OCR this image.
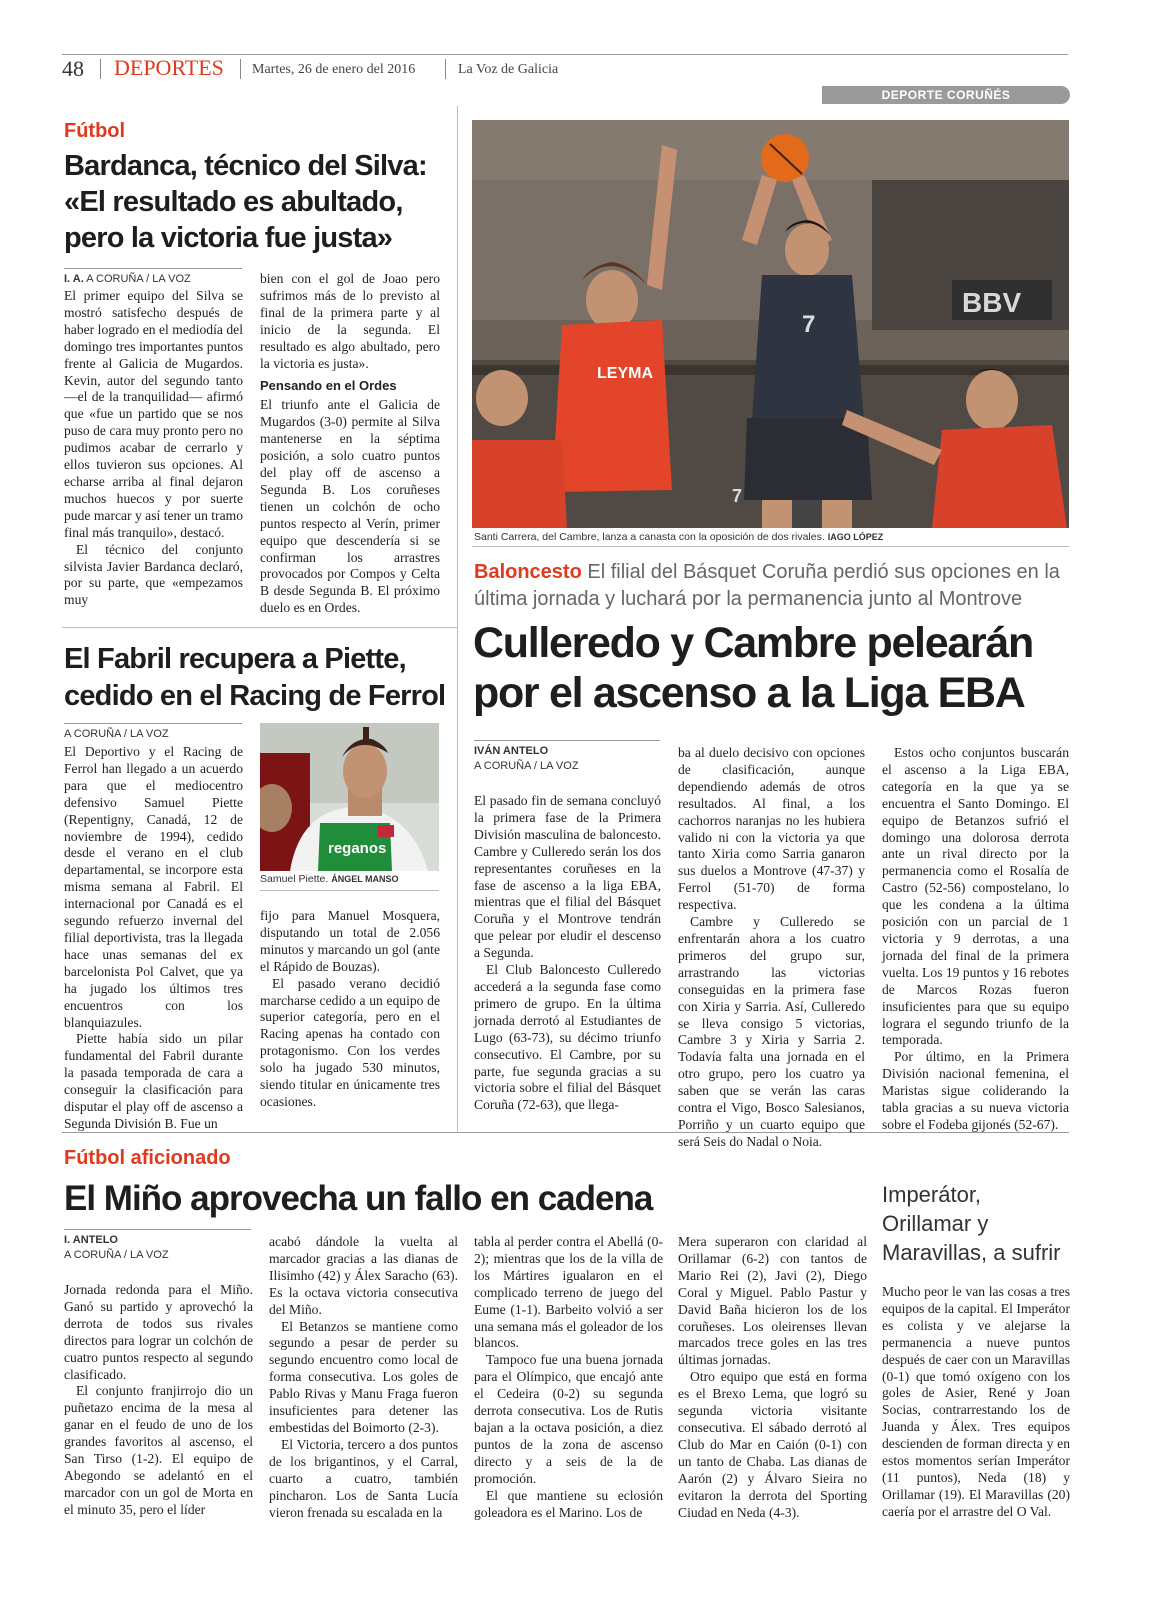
48 DEPORTES Martes, 26 de enero del 2016	La Voz de Galicia
DEPORTE CORUÑÉS
Fútbol
Bardanca, técnico del Silva:
«El resultado es abultado,
pero la victoria fue justa»
I. A. A CORUÑA / LA VOZ

El primer equipo del Silva se mostró satisfecho después de haber logrado en el mediodía del domingo tres importantes puntos frente al Galicia de Mugardos. Kevin, autor del segundo tanto —el de la tranquilidad— afirmó que «fue un partido que se nos puso de cara muy pronto pero no pudimos acabar de cerrarlo y ellos tuvieron sus opciones. Al echarse arriba al final dejaron muchos huecos y por suerte pude marcar y así tener un tramo final más tranquilo», destacó.

El técnico del conjunto silvista Javier Bardanca declaró, por su parte, que «empezamos muy

bien con el gol de Joao pero sufrimos más de lo previsto al final de la primera parte y al inicio de la segunda. El resultado es algo abultado, pero la victoria es justa».

Pensando en el Ordes

El triunfo ante el Galicia de Mugardos (3-0) permite al Silva mantenerse en la séptima posición, a solo cuatro puntos del play off de ascenso a Segunda B. Los coruñeses tienen un colchón de ocho puntos respecto al Verín, primer equipo que descendería si se confirman los arrastres provocados por Compos y Celta B desde Segunda B. El próximo duelo es en Ordes.

El Fabril recupera a Piette,
cedido en el Racing de Ferrol
A CORUÑA / LA VOZ

El Deportivo y el Racing de Ferrol han llegado a un acuerdo para que el mediocentro defensivo Samuel Piette (Repentigny, Canadá, 12 de noviembre de 1994), cedido desde el verano en el club departamental, se incorpore esta misma semana al Fabril. El internacional por Canadá es el segundo refuerzo invernal del filial deportivista, tras la llegada hace unas semanas del ex barcelonista Pol Calvet, que ya ha jugado los últimos tres encuentros con los blanquiazules.

Piette había sido un pilar fundamental del Fabril durante la pasada temporada de cara a conseguir la clasificación para disputar el play off de ascenso a Segunda División B. Fue un

reganos
Samuel Piette. ÁNGEL MANSO

fijo para Manuel Mosquera, disputando un total de 2.056 minutos y marcando un gol (ante el Rápido de Bouzas).

El pasado verano decidió marcharse cedido a un equipo de superior categoría, pero en el Racing apenas ha contado con protagonismo. Con los verdes solo ha jugado 530 minutos, siendo titular en únicamente tres ocasiones.

BBV
7
7
LEYMA
Santi Carrera, del Cambre, lanza a canasta con la oposición de dos rivales. IAGO LÓPEZ
Baloncesto El filial del Básquet Coruña perdió sus opciones en la última jornada y luchará por la permanencia junto al Montrove
Culleredo y Cambre pelearán
por el ascenso a la Liga EBA
IVÁN ANTELO
A CORUÑA / LA VOZ

El pasado fin de semana concluyó la primera fase de la Primera División masculina de baloncesto. Cambre y Culleredo serán los dos representantes coruñeses en la fase de ascenso a la liga EBA, mientras que el filial del Básquet Coruña y el Montrove tendrán que pelear por eludir el descenso a Segunda.

El Club Baloncesto Culleredo accederá a la segunda fase como primero de grupo. En la última jornada derrotó al Estudiantes de Lugo (63-73), su décimo triunfo consecutivo. El Cambre, por su parte, fue segunda gracias a su victoria sobre el filial del Básquet Coruña (72-63), que llega-

ba al duelo decisivo con opciones de clasificación, aunque dependiendo además de otros resultados. Al final, a los cachorros naranjas no les hubiera valido ni con la victoria ya que tanto Xiria como Sarria ganaron sus duelos a Montrove (47-37) y Ferrol (51-70) de forma respectiva.

Cambre y Culleredo se enfrentarán ahora a los cuatro primeros del grupo sur, arrastrando las victorias conseguidas en la primera fase con Xiria y Sarria. Así, Culleredo se lleva consigo 5 victorias, Cambre 3 y Xiria y Sarria 2. Todavía falta una jornada en el otro grupo, pero los cuatro ya saben que se verán las caras contra el Vigo, Bosco Salesianos, Porriño y un cuarto equipo que será Seis do Nadal o Noia.

Estos ocho conjuntos buscarán el ascenso a la Liga EBA, categoría en la que ya se encuentra el Santo Domingo. El equipo de Betanzos sufrió el domingo una dolorosa derrota ante un rival directo por la permanencia como el Rosalía de Castro (52-56) compostelano, lo que les condena a la última posición con un parcial de 1 victoria y 9 derrotas, a una jornada del final de la primera vuelta. Los 19 puntos y 16 rebotes de Marcos Rozas fueron insuficientes para que su equipo lograra el segundo triunfo de la temporada.

Por último, en la Primera División nacional femenina, el Maristas sigue coliderando la tabla gracias a su nueva victoria sobre el Fodeba gijonés (52-67).

Fútbol aficionado
El Miño aprovecha un fallo en cadena
I. ANTELO
A CORUÑA / LA VOZ

Jornada redonda para el Miño. Ganó su partido y aprovechó la derrota de todos sus rivales directos para lograr un colchón de cuatro puntos respecto al segundo clasificado.

El conjunto franjirrojo dio un puñetazo encima de la mesa al ganar en el feudo de uno de los grandes favoritos al ascenso, el San Tirso (1-2). El equipo de Abegondo se adelantó en el marcador con un gol de Morta en el minuto 35, pero el líder

acabó dándole la vuelta al marcador gracias a las dianas de Ilisimho (42) y Álex Saracho (63). Es la octava victoria consecutiva del Miño.

El Betanzos se mantiene como segundo a pesar de perder su segundo encuentro como local de forma consecutiva. Los goles de Pablo Rivas y Manu Fraga fueron insuficientes para detener las embestidas del Boimorto (2-3).

El Victoria, tercero a dos puntos de los brigantinos, y el Carral, cuarto a cuatro, también pincharon. Los de Santa Lucía vieron frenada su escalada en la

tabla al perder contra el Abellá (0-2); mientras que los de la villa de los Mártires igualaron en el complicado terreno de juego del Eume (1-1). Barbeito volvió a ser una semana más el goleador de los blancos.

Tampoco fue una buena jornada para el Olímpico, que encajó ante el Cedeira (0-2) su segunda derrota consecutiva. Los de Rutis bajan a la octava posición, a diez puntos de la zona de ascenso directo y a seis de la de promoción.

El que mantiene su eclosión goleadora es el Marino. Los de

Mera superaron con claridad al Orillamar (6-2) con tantos de Mario Rei (2), Javi (2), Diego Coral y Miguel. Pablo Pastur y David Baña hicieron los de los coruñeses. Los oleirenses llevan marcados trece goles en las tres últimas jornadas.

Otro equipo que está en forma es el Brexo Lema, que logró su segunda victoria visitante consecutiva. El sábado derrotó al Club do Mar en Caión (0-1) con un tanto de Chaba. Las dianas de Aarón (2) y Álvaro Sieira no evitaron la derrota del Sporting Ciudad en Neda (4-3).

Imperátor,
Orillamar y
Maravillas, a sufrir

Mucho peor le van las cosas a tres equipos de la capital. El Imperátor es colista y ve alejarse la permanencia a nueve puntos después de caer con un Maravillas (0-1) que tomó oxígeno con los goles de Asier, René y Joan Socias, contrarrestando los de Juanda y Álex. Tres equipos descienden de forman directa y en estos momentos serían Imperátor (11 puntos), Neda (18) y Orillamar (19). El Maravillas (20) caería por el arrastre del O Val.
